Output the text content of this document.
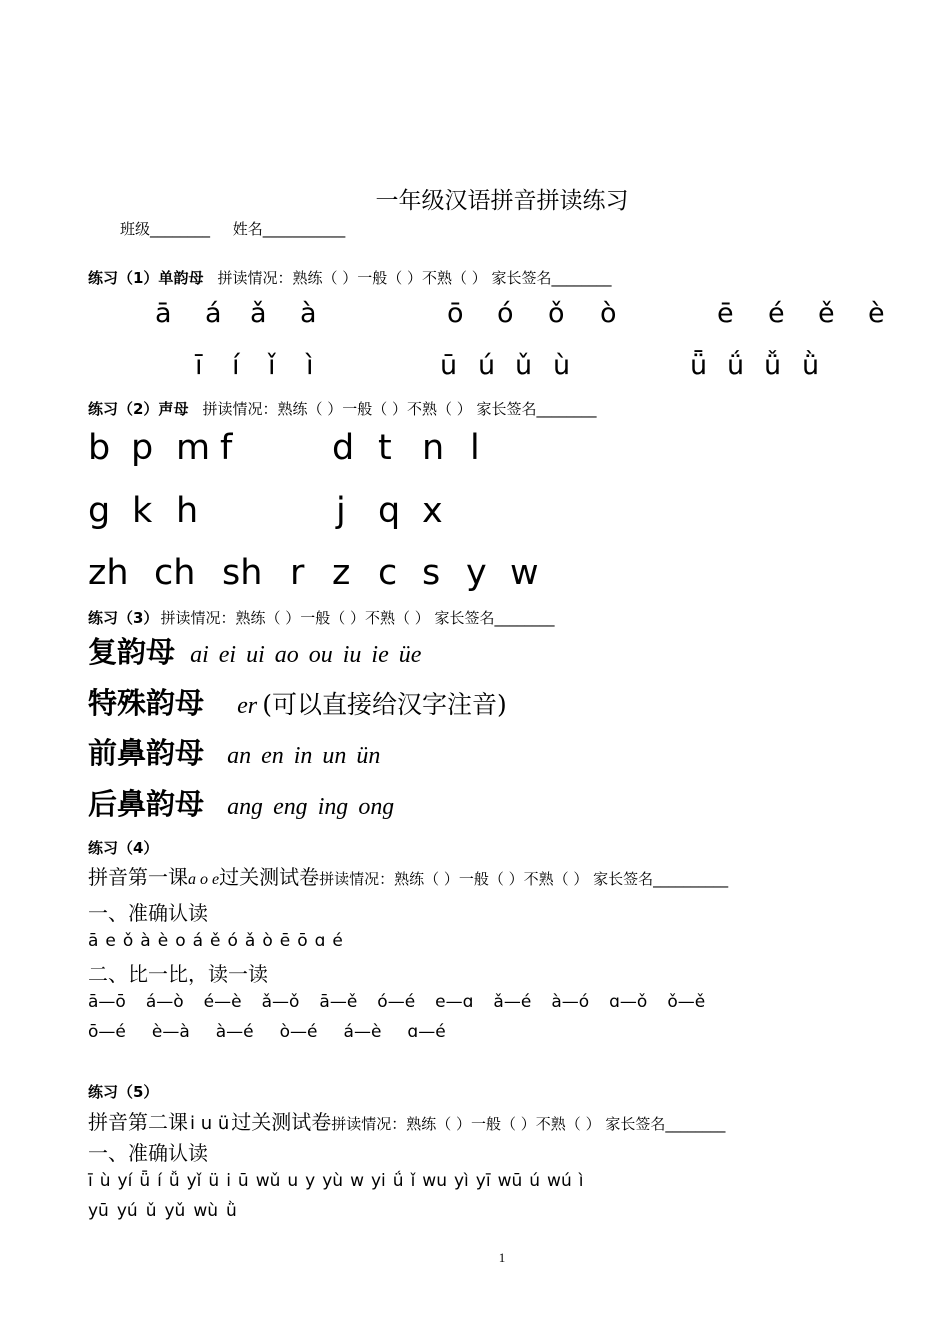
一年级汉语拼音拼读练习
班级________ 姓名___________
练习（1）单韵母 拼读情况：熟练（ ）一般（ ）不熟（ ） 家长签名________
ā á ǎ à	ō ó ǒ ò	ē é ě è
ī í ǐ ì	ū ú ǔ ù	ǖ ǘ ǚ ǜ
练习（2）声母 拼读情况：熟练（ ）一般（ ）不熟（ ） 家长签名________
b p m f	d t n l
g k h	j q x
zh ch sh r z c s y w
练习（3） 拼读情况：熟练（ ）一般（ ）不熟（ ） 家长签名________
复韵母 ai ei ui ao ou iu ie üe
特殊韵母 er (可以直接给汉字注音)
前鼻韵母 an en in un ün
后鼻韵母 anɡ enɡ inɡ onɡ
练习（4）
拼音第一课a o e过关测试卷拼读情况：熟练（ ）一般（ ）不熟（ ） 家长签名__________
一、准确认读
ā e ǒ à è o á ě ó ǎ ò ē ō ɑ é
二、比一比，读一读
ā—ō á—ò é—è ǎ—ǒ ā—ě ó—é e—ɑ ǎ—é à—ó ɑ—ǒ ǒ—ě
ō—é è—à à—é ò—é á—è ɑ—é
练习（5）
拼音第二课 i u ü 过关测试卷拼读情况：熟练（ ）一般（ ）不熟（ ） 家长签名________
一、准确认读
ī ù yí ǖ í ǚ yǐ ü i ū wǔ u y yù w yi ǘ ǐ wu yì yī wū ú wú ì
yū yú ǔ yǔ wù ǜ
1
